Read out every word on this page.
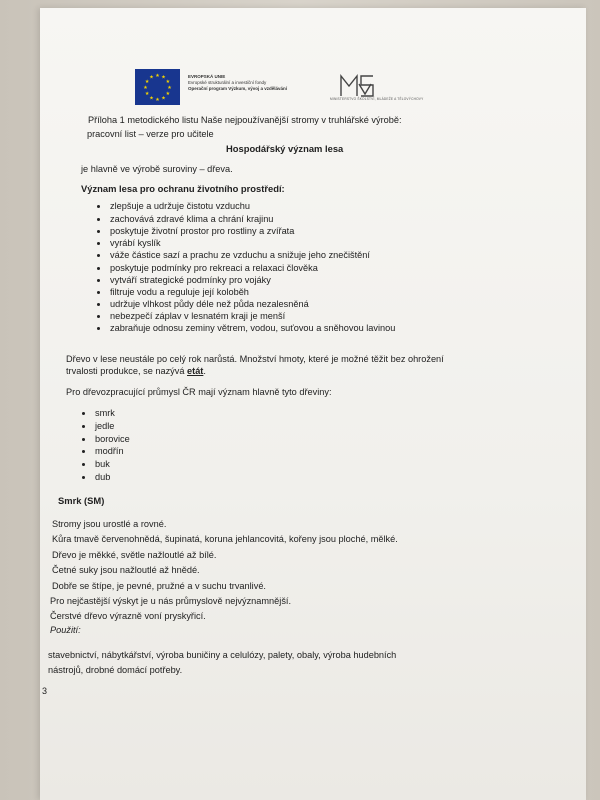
★ ★
★
★
★
★
★
★
★
★
★
★	EVROPSKÁ UNIE
Evropské strukturální a investiční fondy
Operační program Výzkum, vývoj a vzdělávání
MINISTERSTVO ŠKOLSTVÍ, MLÁDEŽE A TĚLOVÝCHOVY
Příloha 1 metodického listu Naše nejpoužívanější stromy v truhlářské výrobě:
pracovní list – verze pro učitele
Hospodářský význam lesa
je hlavně ve výrobě suroviny – dřeva.
Význam lesa pro ochranu životního prostředí:
zlepšuje a udržuje čistotu vzduchu
zachovává zdravé klima a chrání krajinu
poskytuje životní prostor pro rostliny a zvířata
vyrábí kyslík
váže částice sazí a prachu ze vzduchu a snižuje jeho znečištění
poskytuje podmínky pro rekreaci a relaxaci člověka
vytváří strategické podmínky pro vojáky
filtruje vodu a reguluje její koloběh
udržuje vlhkost půdy déle než půda nezalesněná
nebezpečí záplav v lesnatém kraji je menší
zabraňuje odnosu zeminy větrem, vodou, suťovou a sněhovou lavinou
Dřevo v lese neustále po celý rok narůstá. Množství hmoty, které je možné těžit bez ohrožení
trvalosti produkce, se nazývá etát.
Pro dřevozpracující průmysl ČR mají význam hlavně tyto dřeviny:
smrk
jedle
borovice
modřín
buk
dub
Smrk (SM)
Stromy jsou urostlé a rovné.
Kůra tmavě červenohnědá, šupinatá, koruna jehlancovitá, kořeny jsou ploché, mělké.
Dřevo je měkké, světle nažloutlé až bílé.
Četné suky jsou nažloutlé až hnědé.
Dobře se štípe, je pevné, pružné a v suchu trvanlivé.
Pro nejčastější výskyt je u nás průmyslově nejvýznamnější.
Čerstvé dřevo výrazně voní pryskyřicí.
Použití:
stavebnictví, nábytkářství, výroba buničiny a celulózy, palety, obaly, výroba hudebních
nástrojů, drobné domácí potřeby.
3
